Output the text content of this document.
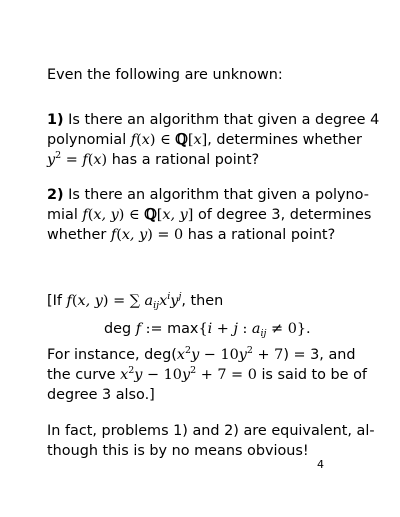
Even the following are unknown:
1) Is there an algorithm that given a degree 4
polynomial f(x) ∈ ℚ[x], determines whether
$y^2 = f(x)$ has a rational point?
2) Is there an algorithm that given a polyno-
mial f(x, y) ∈ ℚ[x, y] of degree 3, determines
whether f(x, y) = 0 has a rational point?
[If f(x, y) = ∑ $a_{ij}x^iy^j$, then
deg f := max{i + j : $a_{ij} \ne 0$}.
For instance, $deg(x^2y - 10y^2 + 7) = 3$, and
the curve $x^2y - 10y^2 + 7 = 0$ is said to be of
degree 3 also.]
In fact, problems 1) and 2) are equivalent, al-
though this is by no means obvious!
4
